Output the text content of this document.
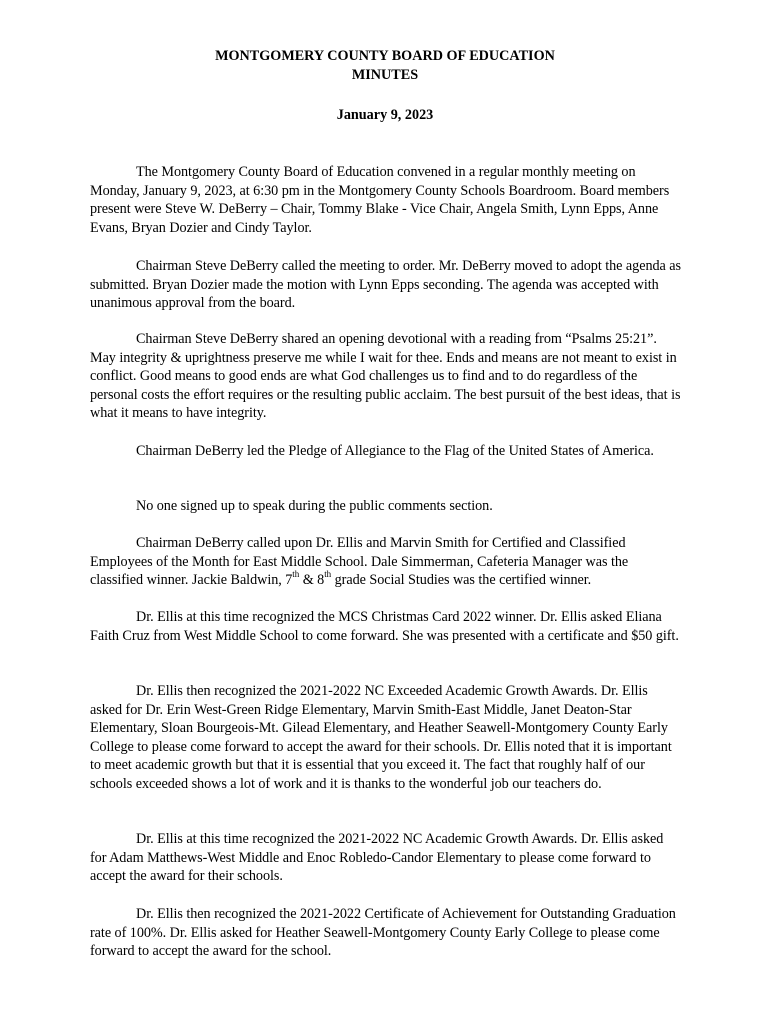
MONTGOMERY COUNTY BOARD OF EDUCATION
MINUTES
January 9, 2023

The Montgomery County Board of Education convened in a regular monthly meeting on Monday, January 9, 2023, at 6:30 pm in the Montgomery County Schools Boardroom. Board members present were Steve W. DeBerry – Chair, Tommy Blake - Vice Chair, Angela Smith, Lynn Epps, Anne Evans, Bryan Dozier and Cindy Taylor.

Chairman Steve DeBerry called the meeting to order. Mr. DeBerry moved to adopt the agenda as submitted. Bryan Dozier made the motion with Lynn Epps seconding. The agenda was accepted with unanimous approval from the board.

Chairman Steve DeBerry shared an opening devotional with a reading from “Psalms 25:21”. May integrity & uprightness preserve me while I wait for thee. Ends and means are not meant to exist in conflict. Good means to good ends are what God challenges us to find and to do regardless of the personal costs the effort requires or the resulting public acclaim. The best pursuit of the best ideas, that is what it means to have integrity.

Chairman DeBerry led the Pledge of Allegiance to the Flag of the United States of America.

No one signed up to speak during the public comments section.

Chairman DeBerry called upon Dr. Ellis and Marvin Smith for Certified and Classified Employees of the Month for East Middle School. Dale Simmerman, Cafeteria Manager was the classified winner. Jackie Baldwin, 7th & 8th grade Social Studies was the certified winner.

Dr. Ellis at this time recognized the MCS Christmas Card 2022 winner. Dr. Ellis asked Eliana Faith Cruz from West Middle School to come forward. She was presented with a certificate and $50 gift.

Dr. Ellis then recognized the 2021-2022 NC Exceeded Academic Growth Awards. Dr. Ellis asked for Dr. Erin West-Green Ridge Elementary, Marvin Smith-East Middle, Janet Deaton-Star Elementary, Sloan Bourgeois-Mt. Gilead Elementary, and Heather Seawell-Montgomery County Early College to please come forward to accept the award for their schools. Dr. Ellis noted that it is important to meet academic growth but that it is essential that you exceed it. The fact that roughly half of our schools exceeded shows a lot of work and it is thanks to the wonderful job our teachers do.

Dr. Ellis at this time recognized the 2021-2022 NC Academic Growth Awards. Dr. Ellis asked for Adam Matthews-West Middle and Enoc Robledo-Candor Elementary to please come forward to accept the award for their schools.

Dr. Ellis then recognized the 2021-2022 Certificate of Achievement for Outstanding Graduation rate of 100%. Dr. Ellis asked for Heather Seawell-Montgomery County Early College to please come forward to accept the award for the school.
